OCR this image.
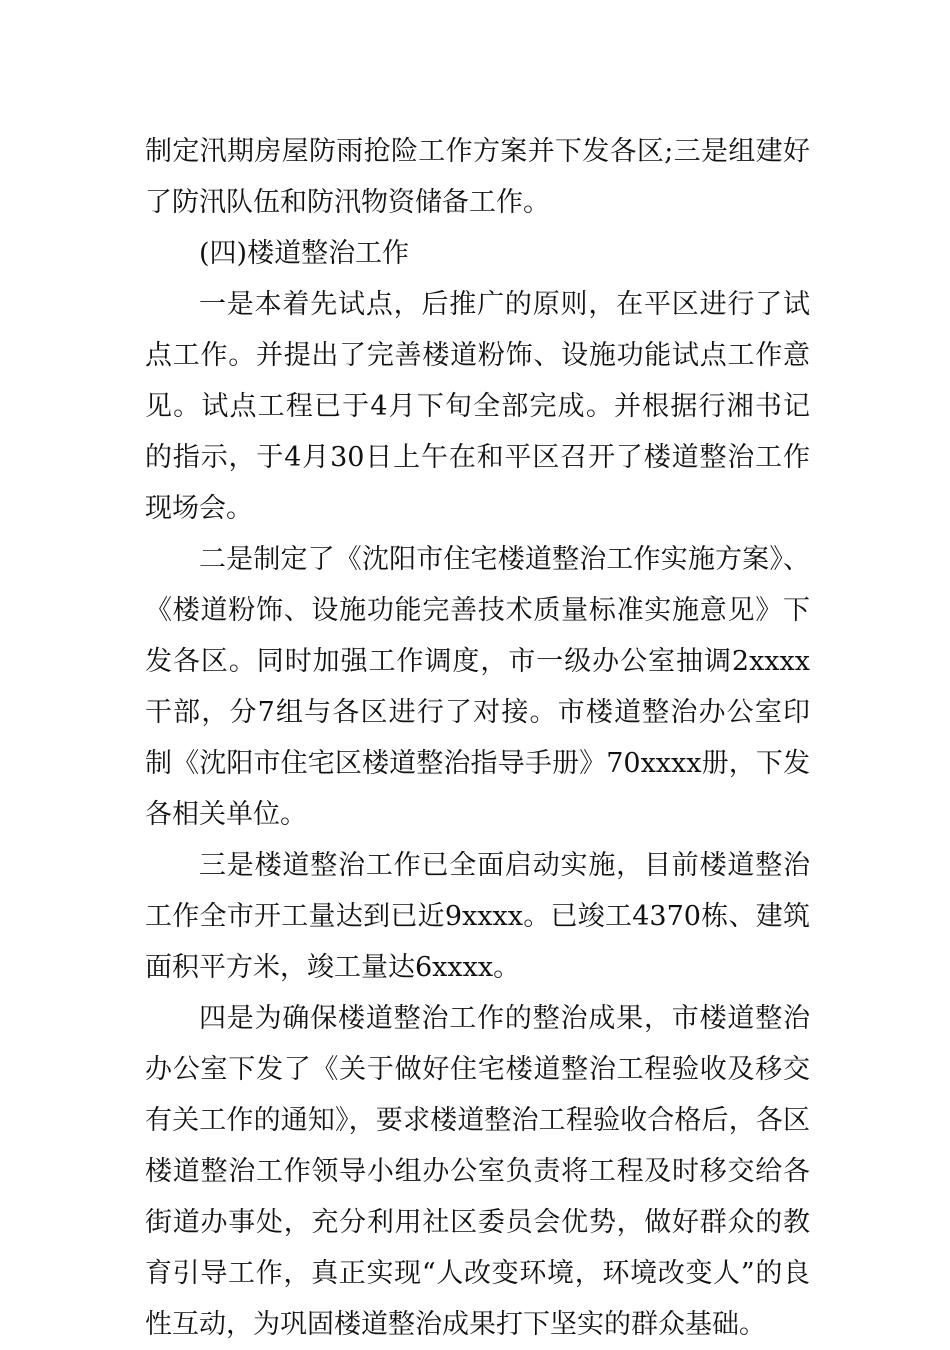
制定汛期房屋防雨抢险工作方案并下发各区;三是组建好了防汛队伍和防汛物资储备工作。

(四)楼道整治工作

一是本着先试点，后推广的原则，在平区进行了试点工作。并提出了完善楼道粉饰、设施功能试点工作意见。试点工程已于4月下旬全部完成。并根据行湘书记的指示，于4月30日上午在和平区召开了楼道整治工作现场会。

二是制定了《沈阳市住宅楼道整治工作实施方案》、《楼道粉饰、设施功能完善技术质量标准实施意见》下发各区。同时加强工作调度，市一级办公室抽调2xxxx干部，分7组与各区进行了对接。市楼道整治办公室印制《沈阳市住宅区楼道整治指导手册》70xxxx册，下发各相关单位。

三是楼道整治工作已全面启动实施，目前楼道整治工作全市开工量达到已近9xxxx。已竣工4370栋、建筑面积平方米，竣工量达6xxxx。

四是为确保楼道整治工作的整治成果，市楼道整治办公室下发了《关于做好住宅楼道整治工程验收及移交有关工作的通知》，要求楼道整治工程验收合格后，各区楼道整治工作领导小组办公室负责将工程及时移交给各街道办事处，充分利用社区委员会优势，做好群众的教育引导工作，真正实现“人改变环境，环境改变人”的良性互动，为巩固楼道整治成果打下坚实的群众基础。
